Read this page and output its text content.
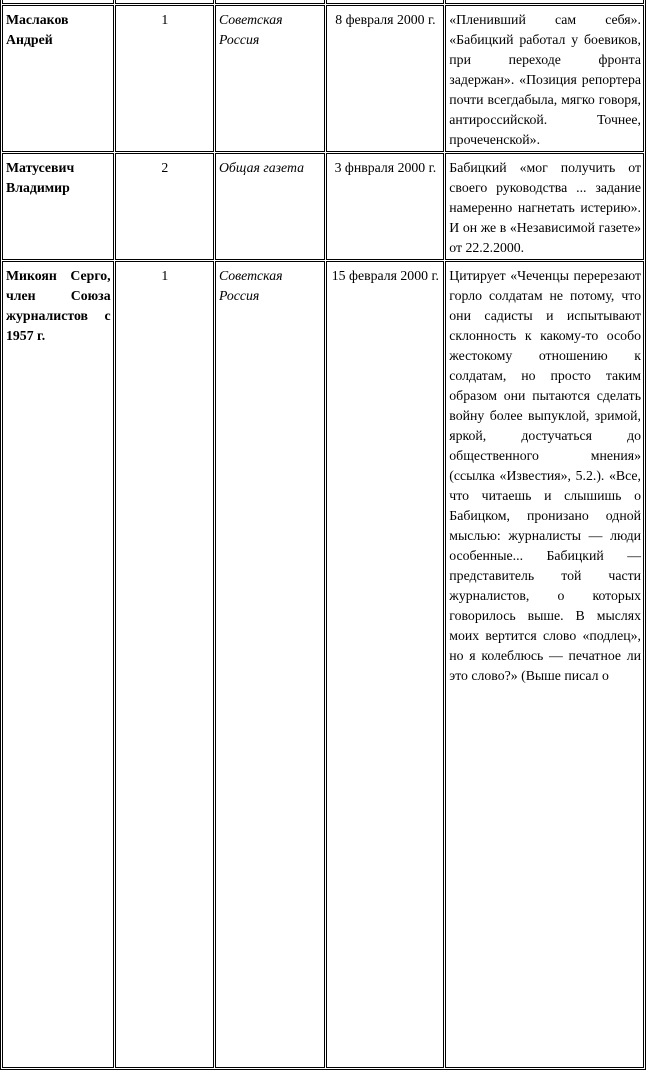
Маслаков Андрей	1	Советская Россия	8 февраля 2000 г.	«Пленивший сам себя». «Бабицкий работал у боевиков, при переходе фронта задержан». «Позиция репортера почти всегдабыла, мягко говоря, антироссийской. Точнее, прочеченской».
Матусевич Владимир	2	Общая газета	3 фнвраля 2000 г.	Бабицкий «мог получить от своего руководства ... задание намеренно нагнетать истерию». И он же в «Независимой газете» от 22.2.2000.
Микоян Серго, член Союза журналистов с 1957 г.	1	Советская Россия	15 февраля 2000 г.	Цитирует «Чеченцы перерезают горло солдатам не потому, что они садисты и испытывают склонность к какому-то особо жестокому отношению к солдатам, но просто таким образом они пытаются сделать войну более выпуклой, зримой, яркой, достучаться до общественного мнения» (ссылка «Известия», 5.2.). «Все, что читаешь и слышишь о Бабицком, пронизано одной мыслью: журналисты — люди особенные... Бабицкий — представитель той части журналистов, о которых говорилось выше. В мыслях моих вертится слово «подлец», но я колеблюсь — печатное ли это слово?» (Выше писал о
